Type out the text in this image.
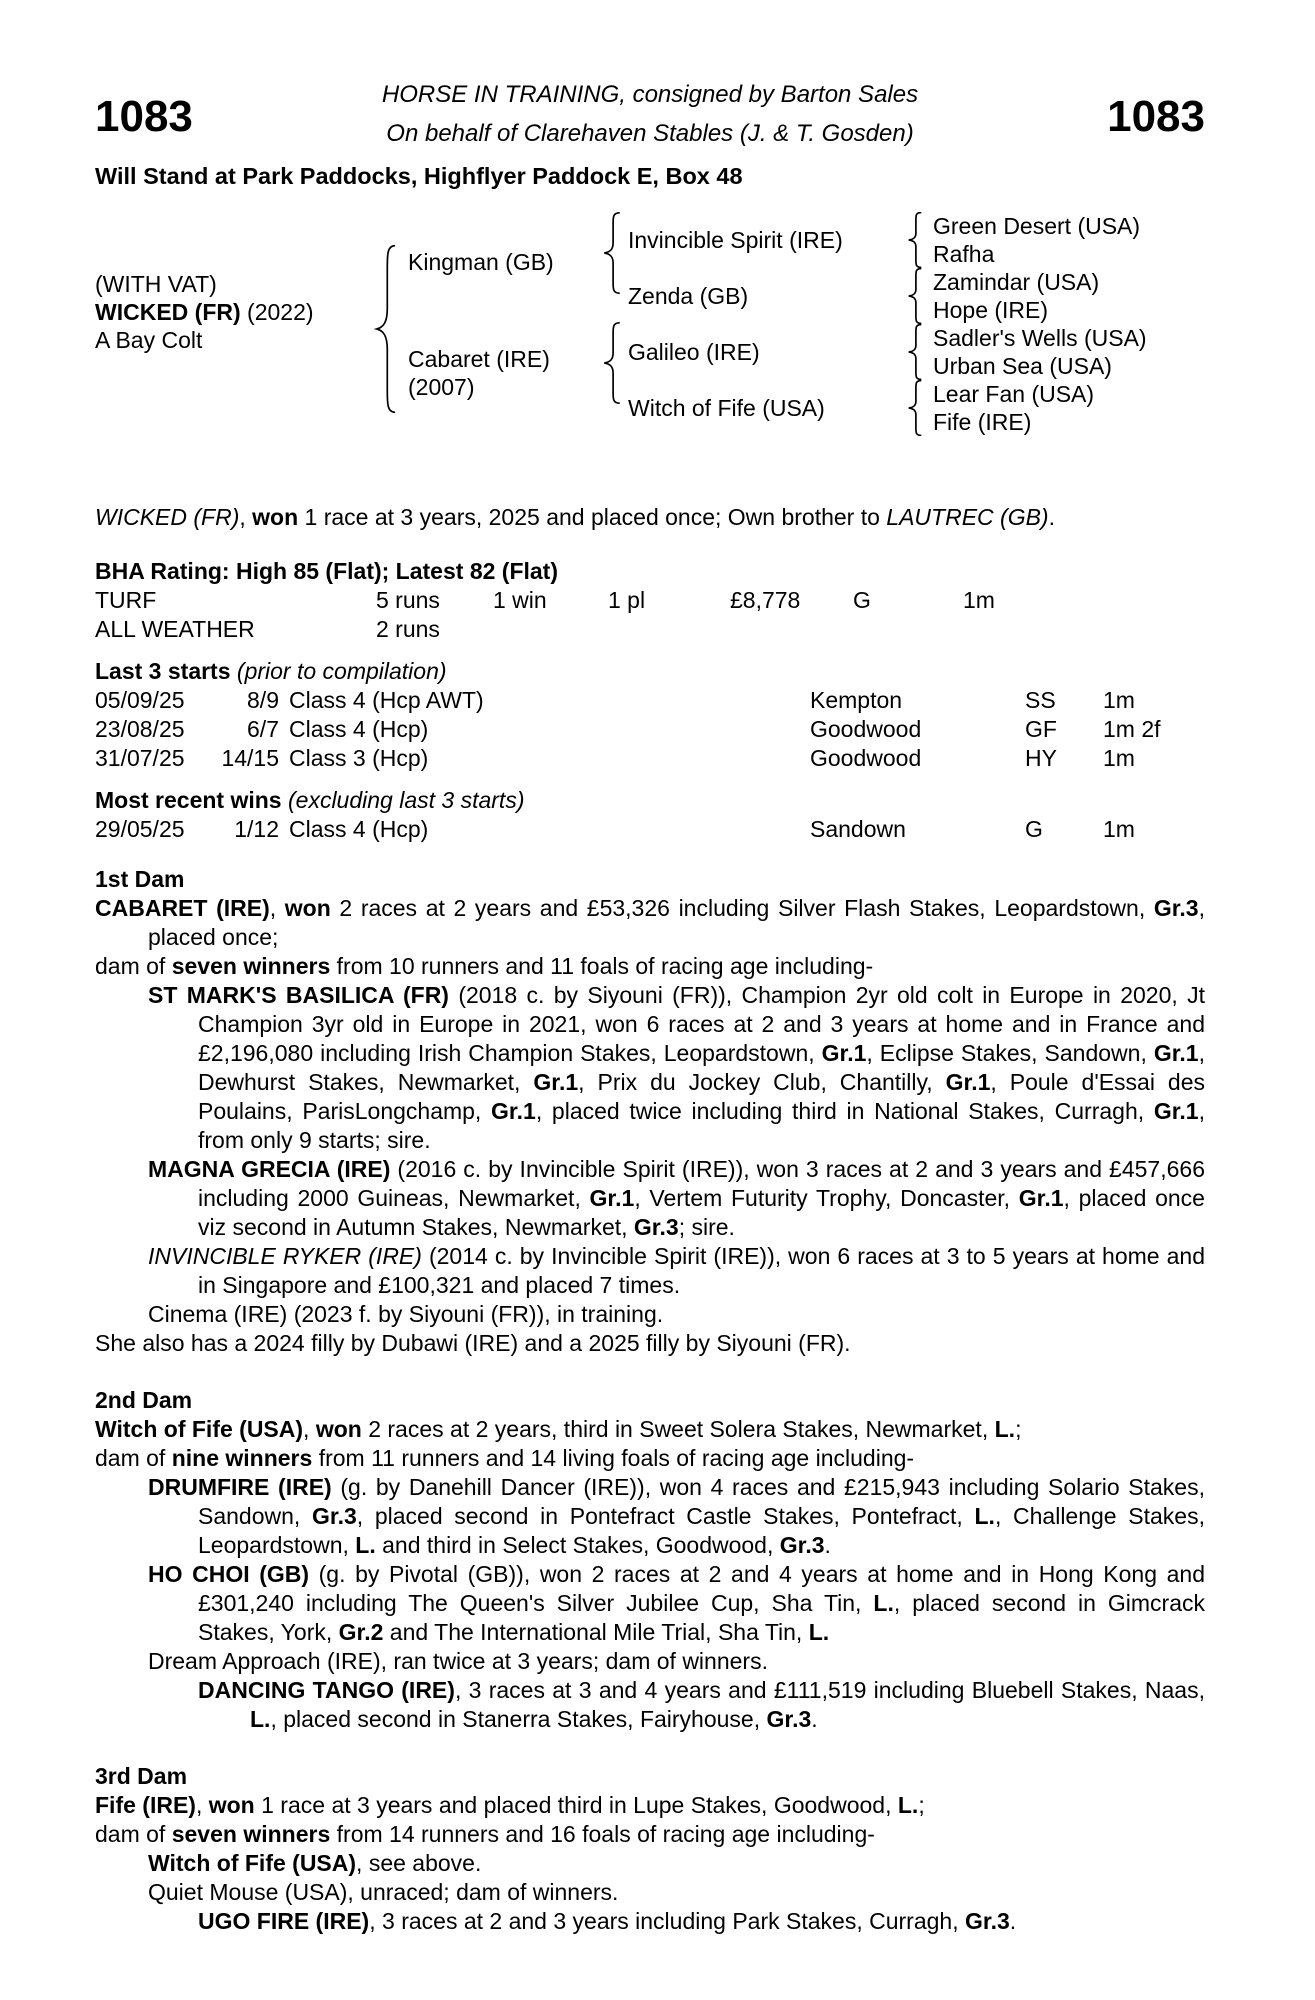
1083	HORSE IN TRAINING, consigned by Barton Sales
On behalf of Clarehaven Stables (J. & T. Gosden)	1083
Will Stand at Park Paddocks, Highflyer Paddock E, Box 48
(WITH VAT)
WICKED (FR) (2022)
A Bay Colt
Kingman (GB)
Cabaret (IRE)
(2007)
Invincible Spirit (IRE)
Zenda (GB)
Galileo (IRE)
Witch of Fife (USA)
Green Desert (USA)
Rafha
Zamindar (USA)
Hope (IRE)
Sadler's Wells (USA)
Urban Sea (USA)
Lear Fan (USA)
Fife (IRE)

WICKED (FR), won 1 race at 3 years, 2025 and placed once; Own brother to LAUTREC (GB).

BHA Rating: High 85 (Flat); Latest 82 (Flat)
TURF	5 runs 1 win	1 pl	£8,778 G	1m
ALL WEATHER	2 runs
Last 3 starts (prior to compilation)
05/09/25	8/9 Class 4 (Hcp AWT)	Kempton	SS 1m
23/08/25	6/7 Class 4 (Hcp)	Goodwood	GF 1m 2f
31/07/25	14/15 Class 3 (Hcp)	Goodwood	HY 1m
Most recent wins (excluding last 3 starts)
29/05/25	1/12 Class 4 (Hcp)	Sandown	G	1m
1st Dam

CABARET (IRE), won 2 races at 2 years and £53,326 including Silver Flash Stakes, Leopardstown, Gr.3, placed once;

dam of seven winners from 10 runners and 11 foals of racing age including-

ST MARK'S BASILICA (FR) (2018 c. by Siyouni (FR)), Champion 2yr old colt in Europe in 2020, Jt Champion 3yr old in Europe in 2021, won 6 races at 2 and 3 years at home and in France and £2,196,080 including Irish Champion Stakes, Leopardstown, Gr.1, Eclipse Stakes, Sandown, Gr.1, Dewhurst Stakes, Newmarket, Gr.1, Prix du Jockey Club, Chantilly, Gr.1, Poule d'Essai des Poulains, ParisLongchamp, Gr.1, placed twice including third in National Stakes, Curragh, Gr.1, from only 9 starts; sire.

MAGNA GRECIA (IRE) (2016 c. by Invincible Spirit (IRE)), won 3 races at 2 and 3 years and £457,666 including 2000 Guineas, Newmarket, Gr.1, Vertem Futurity Trophy, Doncaster, Gr.1, placed once viz second in Autumn Stakes, Newmarket, Gr.3; sire.

INVINCIBLE RYKER (IRE) (2014 c. by Invincible Spirit (IRE)), won 6 races at 3 to 5 years at home and in Singapore and £100,321 and placed 7 times.

Cinema (IRE) (2023 f. by Siyouni (FR)), in training.

She also has a 2024 filly by Dubawi (IRE) and a 2025 filly by Siyouni (FR).

2nd Dam

Witch of Fife (USA), won 2 races at 2 years, third in Sweet Solera Stakes, Newmarket, L.;

dam of nine winners from 11 runners and 14 living foals of racing age including-

DRUMFIRE (IRE) (g. by Danehill Dancer (IRE)), won 4 races and £215,943 including Solario Stakes, Sandown, Gr.3, placed second in Pontefract Castle Stakes, Pontefract, L., Challenge Stakes, Leopardstown, L. and third in Select Stakes, Goodwood, Gr.3.

HO CHOI (GB) (g. by Pivotal (GB)), won 2 races at 2 and 4 years at home and in Hong Kong and £301,240 including The Queen's Silver Jubilee Cup, Sha Tin, L., placed second in Gimcrack Stakes, York, Gr.2 and The International Mile Trial, Sha Tin, L.

Dream Approach (IRE), ran twice at 3 years; dam of winners.

DANCING TANGO (IRE), 3 races at 3 and 4 years and £111,519 including Bluebell Stakes, Naas, L., placed second in Stanerra Stakes, Fairyhouse, Gr.3.

3rd Dam

Fife (IRE), won 1 race at 3 years and placed third in Lupe Stakes, Goodwood, L.;

dam of seven winners from 14 runners and 16 foals of racing age including-

Witch of Fife (USA), see above.

Quiet Mouse (USA), unraced; dam of winners.

UGO FIRE (IRE), 3 races at 2 and 3 years including Park Stakes, Curragh, Gr.3.
